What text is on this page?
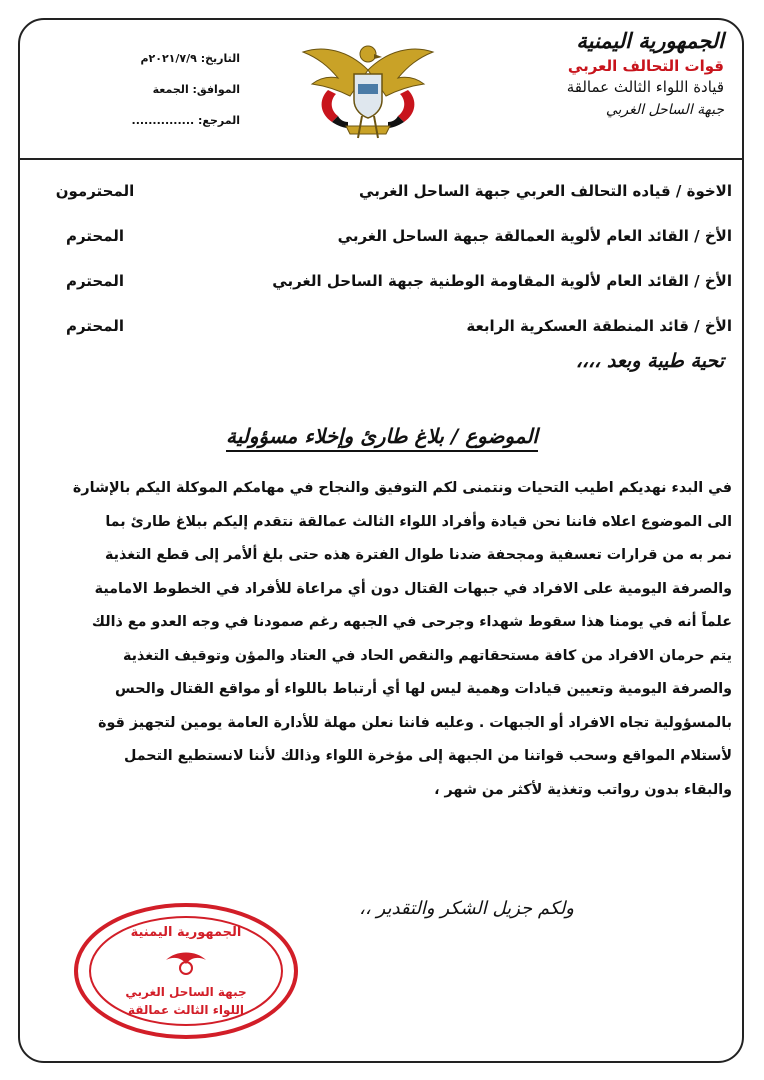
الجمهورية اليمنية
قوات التحالف العربي
قيادة اللواء الثالث عمالقة
جبهة الساحل الغربي
التاريخ: ٢٠٢١/٧/٩م
الموافق: الجمعة
المرجع: ...............
الاخوة / قياده التحالف العربي جبهة الساحل الغربي
المحترمون
الأخ / القائد العام لألوية العمالقة جبهة الساحل الغربي
المحترم
الأخ / القائد العام لألوية المقاومة الوطنية جبهة الساحل الغربي
المحترم
الأخ / قائد المنطقة العسكرية الرابعة
المحترم
تحية طيبة وبعد ،،،،
الموضوع / بلاغ طارئ وإخلاء مسؤولية
في البدء نهديكم اطيب التحيات ونتمنى لكم التوفيق والنجاح في مهامكم الموكلة اليكم بالإشارة
الى الموضوع اعلاه فاننا نحن قيادة وأفراد اللواء الثالث عمالقة نتقدم إليكم ببلاغ طارئ بما
نمر به من قرارات تعسفية ومجحفة ضدنا طوال الفترة هذه حتى بلغ ألأمر إلى قطع التغذية
والصرفة اليومية على الافراد في جبهات القتال دون أي مراعاة للأفراد في الخطوط الامامية
علماً أنه في يومنا هذا سقوط شهداء وجرحى في الجبهه رغم صمودنا في وجه العدو مع ذالك
يتم حرمان الافراد من كافة مستحقاتهم والنقص الحاد في العتاد والمؤن وتوقيف التغذية
والصرفة اليومية وتعيين قيادات وهمية ليس لها أي أرتباط باللواء أو مواقع القتال والحس
بالمسؤولية تجاه الافراد أو الجبهات . وعليه فاننا نعلن مهلة للأدارة العامة يومين لتجهيز قوة
لأستلام المواقع وسحب قواتنا من الجبهة إلى مؤخرة اللواء وذالك لأننا لانستطيع التحمل
والبقاء بدون رواتب وتغذية لأكثر من شهر ،
ولكم جزيل الشكر والتقدير ،،
الجمهورية اليمنية
جبهة الساحل الغربي
اللواء الثالث عمالقة
